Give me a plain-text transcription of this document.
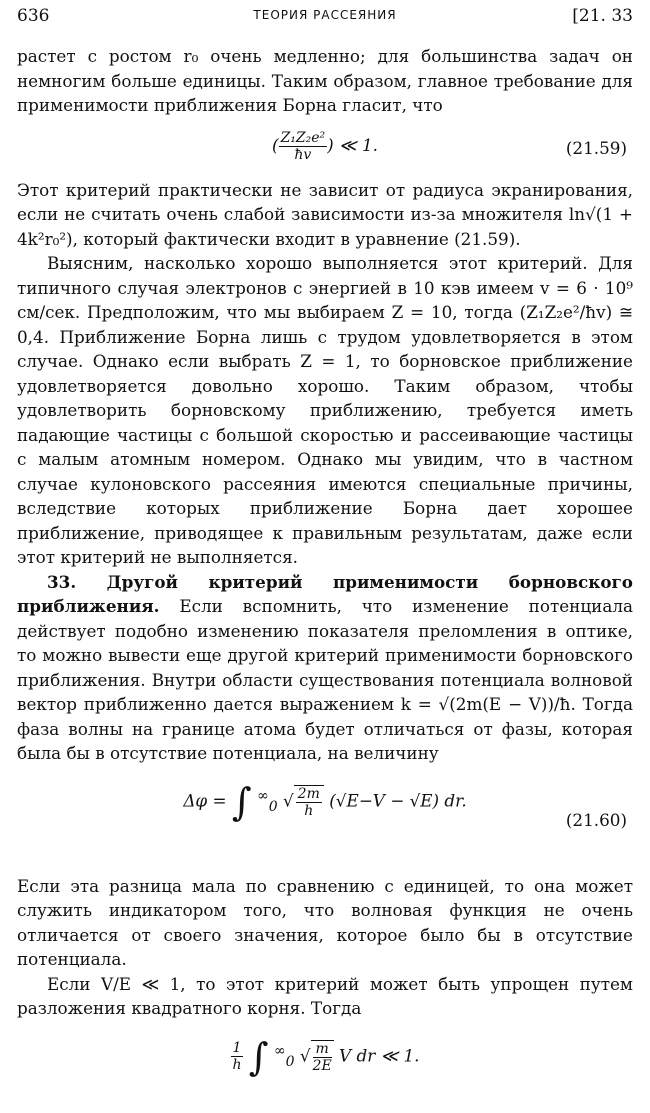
636	ТЕОРИЯ РАССЕЯНИЯ	[21. 33

растет с ростом r₀ очень медленно; для большинства задач он немногим больше единицы. Таким образом, главное требование для применимости приближения Борна гласит, что

( $\frac{\text{Z₁Z₂e²}}{ħv}$ ) ≪ 1.	(21.59)

Этот критерий практически не зависит от радиуса экранирования, если не считать очень слабой зависимости из-за множителя ln√(1 + 4k²r₀²), который фактически входит в уравнение (21.59).

Выясним, насколько хорошо выполняется этот критерий. Для типичного случая электронов с энергией в 10 кэв имеем v = 6 · 10⁹ см/сек. Предположим, что мы выбираем Z = 10, тогда (Z₁Z₂e²/ħv) ≅ 0,4. Приближение Борна лишь с трудом удовлетворяется в этом случае. Однако если выбрать Z = 1, то борновское приближение удовлетворяется довольно хорошо. Таким образом, чтобы удовлетворить борновскому приближению, требуется иметь падающие частицы с большой скоростью и рассеивающие частицы с малым атомным номером. Однако мы увидим, что в частном случае кулоновского рассеяния имеются специальные причины, вследствие которых приближение Борна дает хорошее приближение, приводящее к правильным результатам, даже если этот критерий не выполняется.

33. Другой критерий применимости борновского приближения. Если вспомнить, что изменение потенциала действует подобно изменению показателя преломления в оптике, то можно вывести еще другой критерий применимости борновского приближения. Внутри области существования потенциала волновой вектор приближенно дается выражением k = √(2m(E − V))/ħ. Тогда фаза волны на границе атома будет отличаться от фазы, которая была бы в отсутствие потенциала, на величину

Δφ = ∫ ∞$_0$ √ $\frac{2m}{h} (√E-V - √E)$ dr.
(21.60)

Если эта разница мала по сравнению с единицей, то она может служить индикатором того, что волновая функция не очень отличается от своего значения, которое было бы в отсутствие потенциала.

Если V/E ≪ 1, то этот критерий может быть упрощен путем разложения квадратного корня. Тогда

$\frac{1}{h}$ ∫ ∞$_0$ √ $\frac{m}{2E}$ V dr ≪ 1.
